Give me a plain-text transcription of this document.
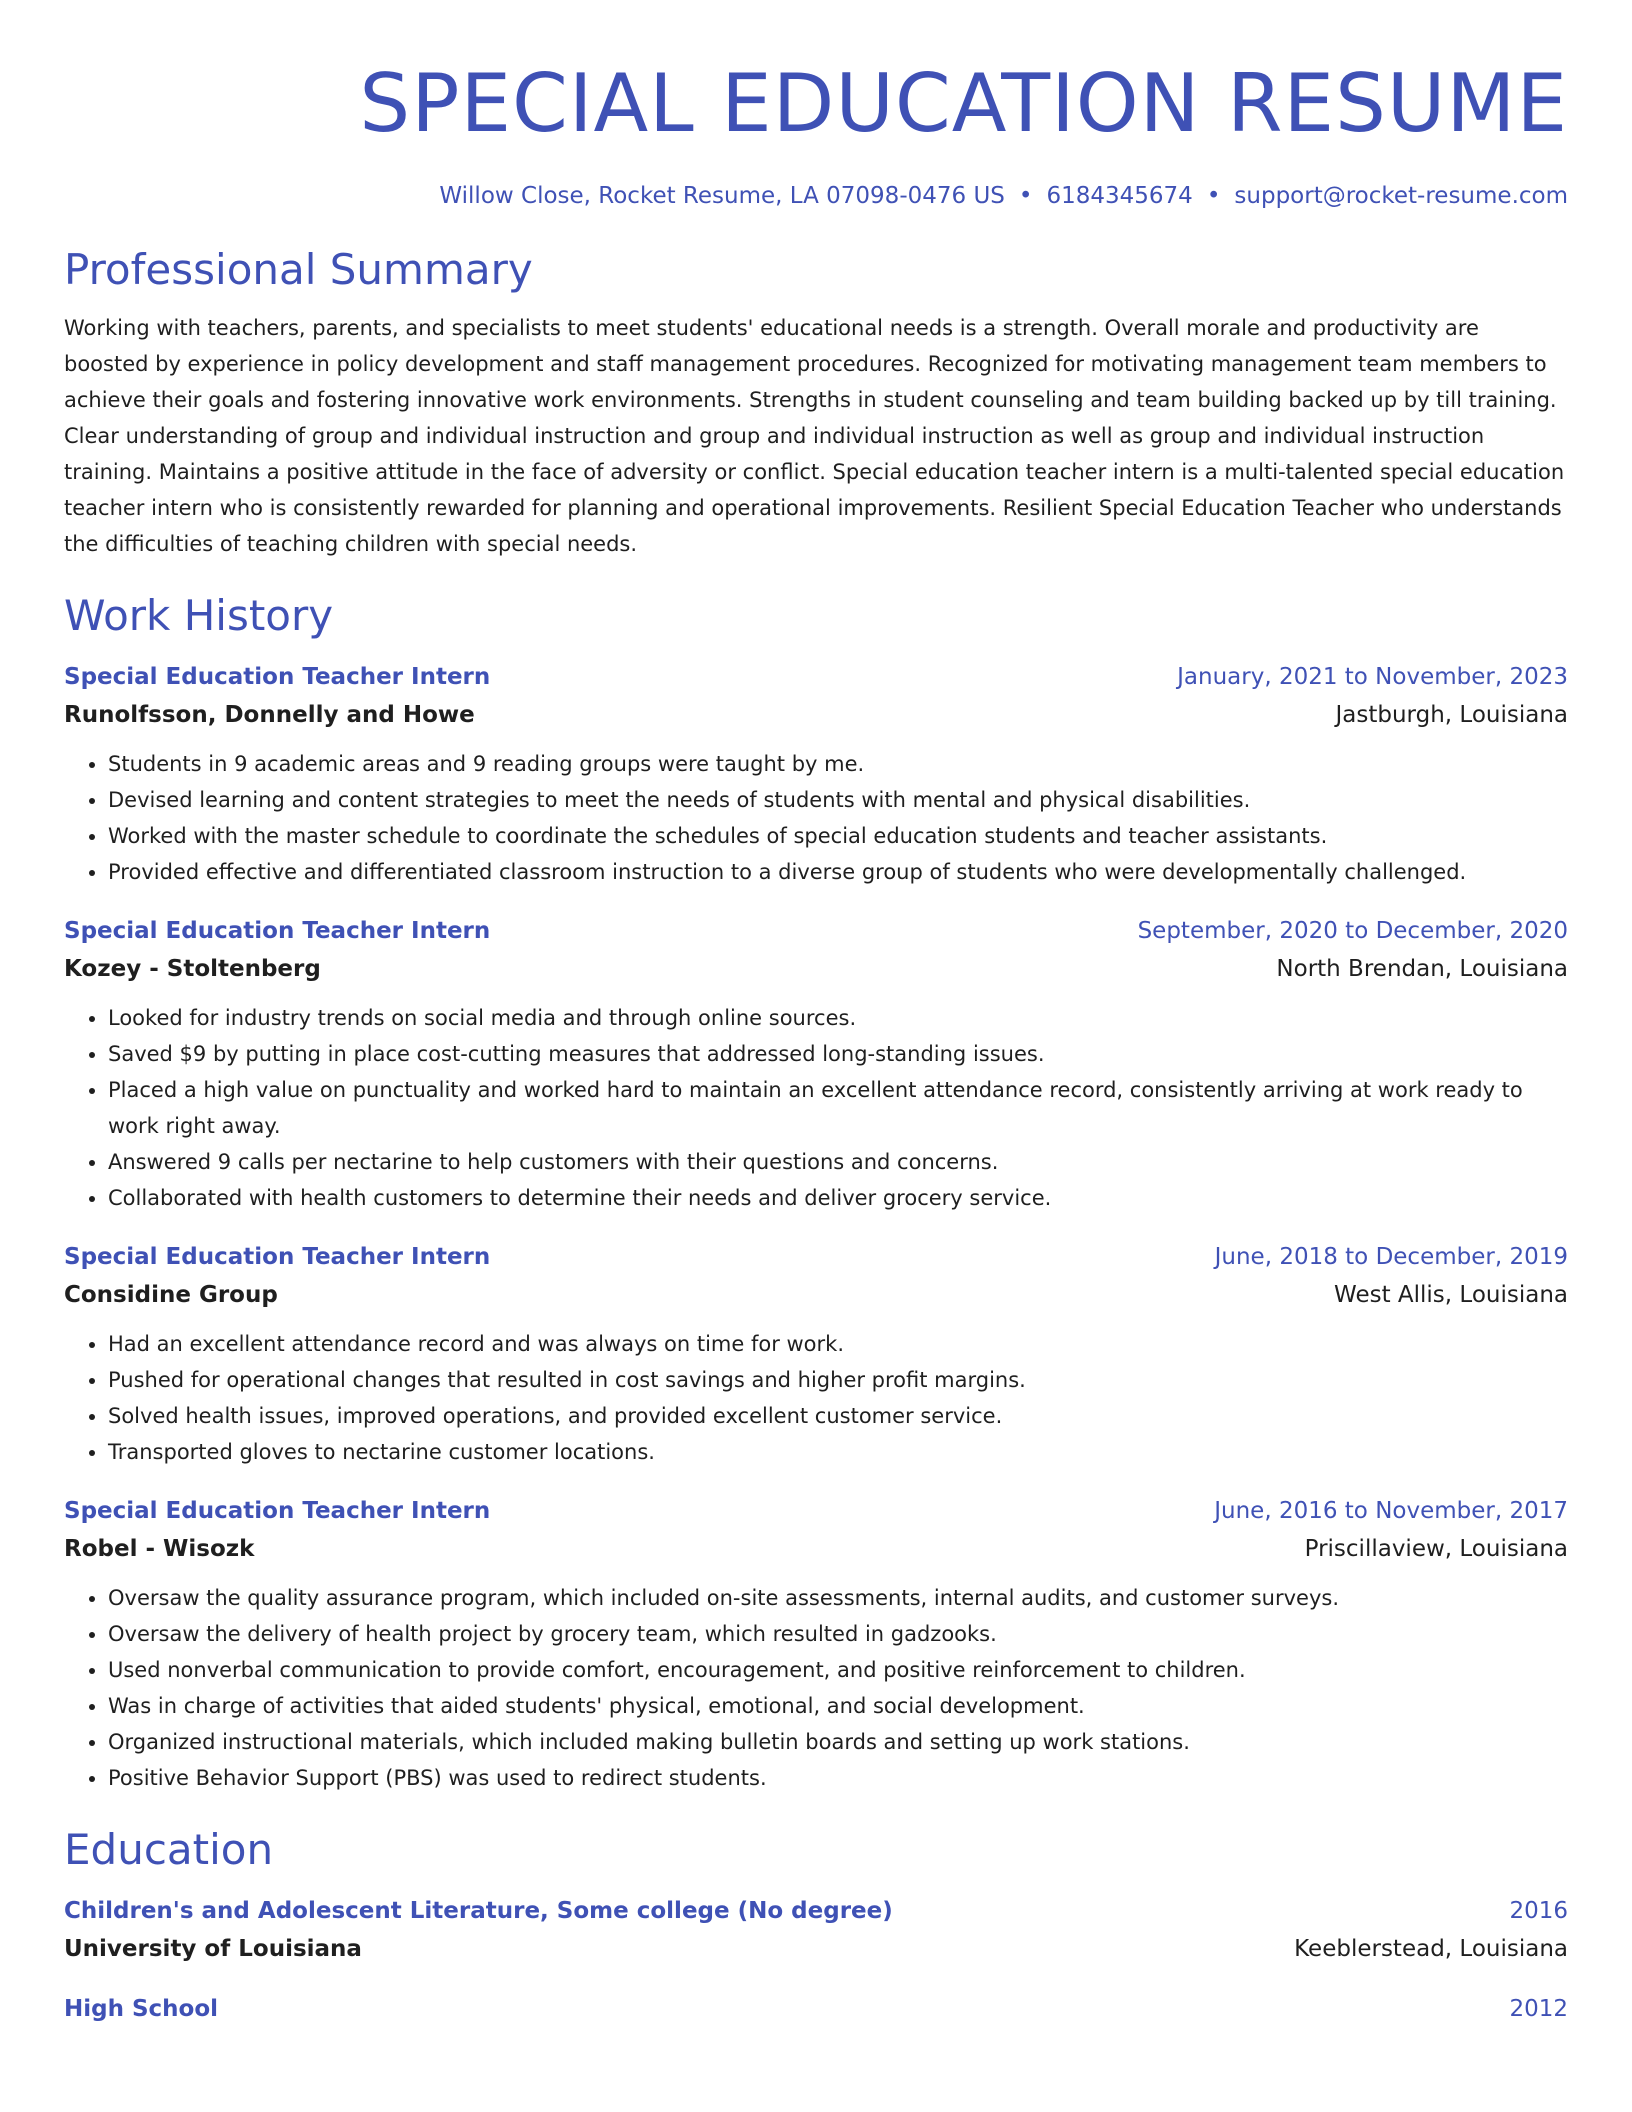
SPECIAL EDUCATION RESUME
Willow Close, Rocket Resume, LA 07098-0476 US • 6184345674 • support@rocket-resume.com
Professional Summary
Working with teachers, parents, and specialists to meet students' educational needs is a strength. Overall morale and productivity are boosted by experience in policy development and staff management procedures. Recognized for motivating management team members to achieve their goals and fostering innovative work environments. Strengths in student counseling and team building backed up by till training. Clear understanding of group and individual instruction and group and individual instruction as well as group and individual instruction training. Maintains a positive attitude in the face of adversity or conflict. Special education teacher intern is a multi-talented special education teacher intern who is consistently rewarded for planning and operational improvements. Resilient Special Education Teacher who understands the difficulties of teaching children with special needs.
Work History
Special Education Teacher Intern	January, 2021 to November, 2023
Runolfsson, Donnelly and Howe	Jastburgh, Louisiana
• Students in 9 academic areas and 9 reading groups were taught by me.
• Devised learning and content strategies to meet the needs of students with mental and physical disabilities.
• Worked with the master schedule to coordinate the schedules of special education students and teacher assistants.
• Provided effective and differentiated classroom instruction to a diverse group of students who were developmentally challenged.
Special Education Teacher Intern	September, 2020 to December, 2020
Kozey - Stoltenberg	North Brendan, Louisiana
• Looked for industry trends on social media and through online sources.
• Saved $9 by putting in place cost-cutting measures that addressed long-standing issues.
• Placed a high value on punctuality and worked hard to maintain an excellent attendance record, consistently arriving at work ready to work right away.
• Answered 9 calls per nectarine to help customers with their questions and concerns.
• Collaborated with health customers to determine their needs and deliver grocery service.
Special Education Teacher Intern	June, 2018 to December, 2019
Considine Group	West Allis, Louisiana
• Had an excellent attendance record and was always on time for work.
• Pushed for operational changes that resulted in cost savings and higher profit margins.
• Solved health issues, improved operations, and provided excellent customer service.
• Transported gloves to nectarine customer locations.
Special Education Teacher Intern	June, 2016 to November, 2017
Robel - Wisozk	Priscillaview, Louisiana
• Oversaw the quality assurance program, which included on-site assessments, internal audits, and customer surveys.
• Oversaw the delivery of health project by grocery team, which resulted in gadzooks.
• Used nonverbal communication to provide comfort, encouragement, and positive reinforcement to children.
• Was in charge of activities that aided students' physical, emotional, and social development.
• Organized instructional materials, which included making bulletin boards and setting up work stations.
• Positive Behavior Support (PBS) was used to redirect students.
Education
Children's and Adolescent Literature, Some college (No degree)	2016
University of Louisiana	Keeblerstead, Louisiana
High School	2012
